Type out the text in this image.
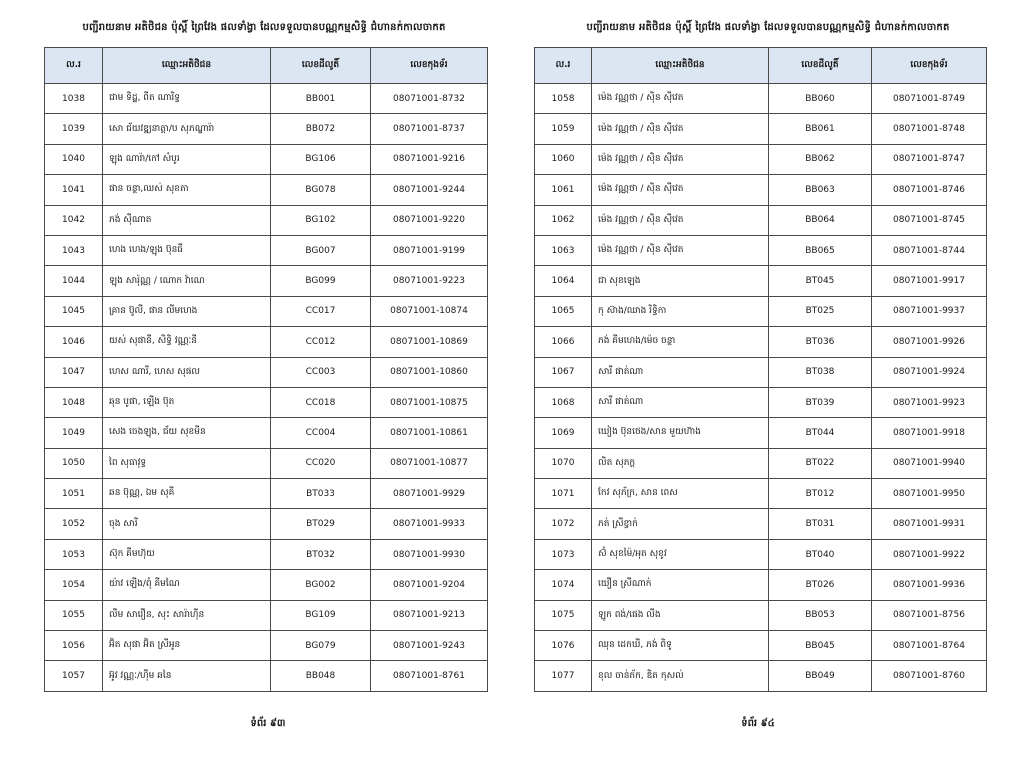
បញ្ជីរាយនាម អតិថិជន ប៉ុស្តិ៍ ព្រៃវែង ផលទាំង្វា ដែលទទួលបានបណ្ណកម្មសិទ្ធិ ជំហានក់កាលចាកត
ល.រ	ឈ្មោះអតិថិជន	លេខដីលូតិ៍	លេខកុងទ័រ
1038	ជាម ទិដ្ឋ, ពីត ណារិទ្ធ	BB001	08071001-8732
1039	សោ ជ័យវឌ្ឍនាត្តា/ប សុភណ្ឌារ៉ា	BB072	08071001-8737
1040	ឡុង ណារ៉ា/កៅ សំបូរ	BG106	08071001-9216
1041	ផាន ចន្ថា,ឈស់ សុខតា	BG078	08071001-9244
1042	ភង់ ស៊ីណាត	BG102	08071001-9220
1043	ហេង ហេង/ឡុង ប៊ុនធី	BG007	08071001-9199
1044	ឡុង សារ៉ុណ្ណ / ណោក វ៉ាណេ	BG099	08071001-9223
1045	គ្រាន ប៊ូលី, ផាន លីមហេង	CC017	08071001-10874
1046	យស់ សុផានី, សិទ្ធិ វណ្ណៈនី	CC012	08071001-10869
1047	ហេស ណារី, ហេស សុផល	CC003	08071001-10860
1048	ឆុន បូផា, ឡើង ប៊ុត	CC018	08071001-10875
1049	សេង ចេងឡុង, ជ័យ សុខមីន	CC004	08071001-10861
1050	ពៃ សុធាវុទ្ធ	CC020	08071001-10877
1051	ឆន ប៊ុណ្ណ, ឯម សុគី	BT033	08071001-9929
1052	ចុង សារី	BT029	08071001-9933
1053	ស៊ុក គីមហ៊ុយ	BT032	08071001-9930
1054	យ៉ាវ ឡើង/ពុំ គីមណៃ	BG002	08071001-9204
1055	លឹម សារឿន, សុះ សារ៉ាហ៊ីន	BG109	08071001-9213
1056	អ៊ិត សុផា អ៊ិត ស្រីអូន	BG079	08071001-9243
1057	អ៊ូវ វណ្ណៈ/ហ៊ឹម ឆនៃ	BB048	08071001-8761
ទំព័រ ៩៣
បញ្ជីរាយនាម អតិថិជន ប៉ុស្តិ៍ ព្រៃវែង ផលទាំង្វា ដែលទទួលបានបណ្ណកម្មសិទ្ធិ ជំហានក់កាលចាកត
ល.រ	ឈ្មោះអតិថិជន	លេខដីលូតិ៍	លេខកុងទ័រ
1058	ម៉េង វណ្ណថា / ស៊ិន ស៊ីវេត	BB060	08071001-8749
1059	ម៉េង វណ្ណថា / ស៊ិន ស៊ីវេត	BB061	08071001-8748
1060	ម៉េង វណ្ណថា / ស៊ិន ស៊ីវេត	BB062	08071001-8747
1061	ម៉េង វណ្ណថា / ស៊ិន ស៊ីវេត	BB063	08071001-8746
1062	ម៉េង វណ្ណថា / ស៊ិន ស៊ីវេត	BB064	08071001-8745
1063	ម៉េង វណ្ណថា / ស៊ិន ស៊ីវេត	BB065	08071001-8744
1064	ជា សុខឡេង	BT045	08071001-9917
1065	កុ ស៊ាង/ឈាង រិទ្ធិកា	BT025	08071001-9937
1066	ភង់ គីមហេង/ម៉េច ចន្ថា	BT036	08071001-9926
1067	សារី ផាត់ណា	BT038	08071001-9924
1068	សារី ផាត់ណា	BT039	08071001-9923
1069	ឃៀង ប៊ុនថេង/សាន មួយហ៊ាង	BT044	08071001-9918
1070	លិត សុភក្ត	BT022	08071001-9940
1071	កែវ សុភ័ក្រ, សាន ពេស	BT012	08071001-9950
1072	ភត់ ស្រីខ្វាក់	BT031	08071001-9931
1073	ស៊ំ សុខម៉ៃ/អុត សុខូវ	BT040	08071001-9922
1074	យឿន ស្រីណាក់	BT026	08071001-9936
1075	ឡូក ពង់/ផេង លីង	BB053	08071001-8756
1076	ឈុន ដេកឃី, ភង់ ពិទូ	BB045	08071001-8764
1077	ខុល ចាន់ភ័ក, ឌិត កុសល់	BB049	08071001-8760
ទំព័រ ៩៤
